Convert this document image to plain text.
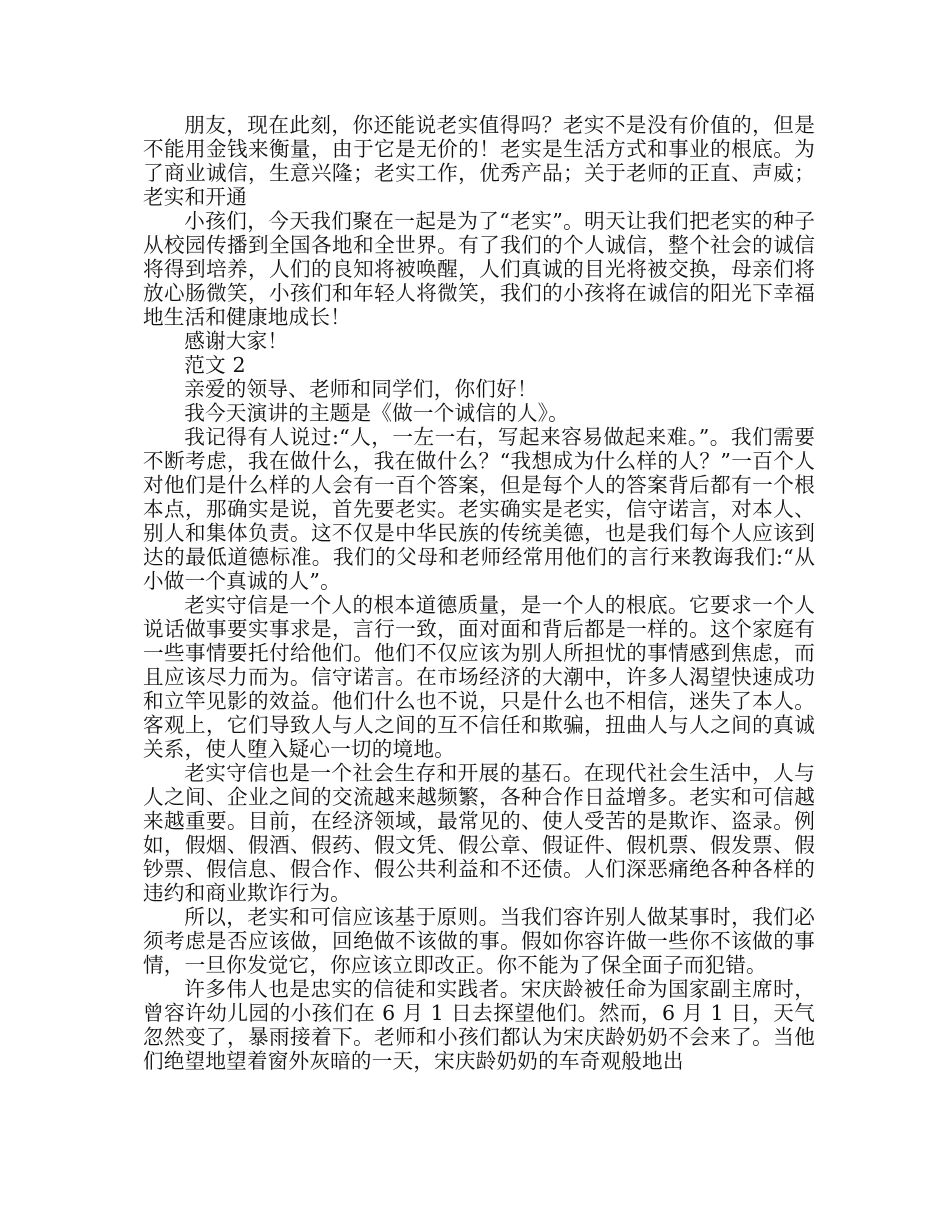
朋友，现在此刻，你还能说老实值得吗？老实不是没有价值的，但是不能用金钱来衡量，由于它是无价的！老实是生活方式和事业的根底。为了商业诚信，生意兴隆；老实工作，优秀产品；关于老师的正直、声威；老实和开通

小孩们，今天我们聚在一起是为了“老实”。明天让我们把老实的种子从校园传播到全国各地和全世界。有了我们的个人诚信，整个社会的诚信将得到培养，人们的良知将被唤醒，人们真诚的目光将被交换，母亲们将放心肠微笑，小孩们和年轻人将微笑，我们的小孩将在诚信的阳光下幸福地生活和健康地成长！

感谢大家！

范文 2

亲爱的领导、老师和同学们，你们好！

我今天演讲的主题是《做一个诚信的人》。

我记得有人说过:“人，一左一右，写起来容易做起来难。”。我们需要不断考虑，我在做什么，我在做什么？“我想成为什么样的人？”一百个人对他们是什么样的人会有一百个答案，但是每个人的答案背后都有一个根本点，那确实是说，首先要老实。老实确实是老实，信守诺言，对本人、别人和集体负责。这不仅是中华民族的传统美德，也是我们每个人应该到达的最低道德标准。我们的父母和老师经常用他们的言行来教诲我们:“从小做一个真诚的人”。

老实守信是一个人的根本道德质量，是一个人的根底。它要求一个人说话做事要实事求是，言行一致，面对面和背后都是一样的。这个家庭有一些事情要托付给他们。他们不仅应该为别人所担忧的事情感到焦虑，而且应该尽力而为。信守诺言。在市场经济的大潮中，许多人渴望快速成功和立竿见影的效益。他们什么也不说，只是什么也不相信，迷失了本人。客观上，它们导致人与人之间的互不信任和欺骗，扭曲人与人之间的真诚关系，使人堕入疑心一切的境地。

老实守信也是一个社会生存和开展的基石。在现代社会生活中，人与人之间、企业之间的交流越来越频繁，各种合作日益增多。老实和可信越来越重要。目前，在经济领域，最常见的、使人受苦的是欺诈、盗录。例如，假烟、假酒、假药、假文凭、假公章、假证件、假机票、假发票、假钞票、假信息、假合作、假公共利益和不还债。人们深恶痛绝各种各样的违约和商业欺诈行为。

所以，老实和可信应该基于原则。当我们容许别人做某事时，我们必须考虑是否应该做，回绝做不该做的事。假如你容许做一些你不该做的事情，一旦你发觉它，你应该立即改正。你不能为了保全面子而犯错。

许多伟人也是忠实的信徒和实践者。宋庆龄被任命为国家副主席时，曾容许幼儿园的小孩们在 6 月 1 日去探望他们。然而，6 月 1 日，天气忽然变了，暴雨接着下。老师和小孩们都认为宋庆龄奶奶不会来了。当他们绝望地望着窗外灰暗的一天，宋庆龄奶奶的车奇观般地出
